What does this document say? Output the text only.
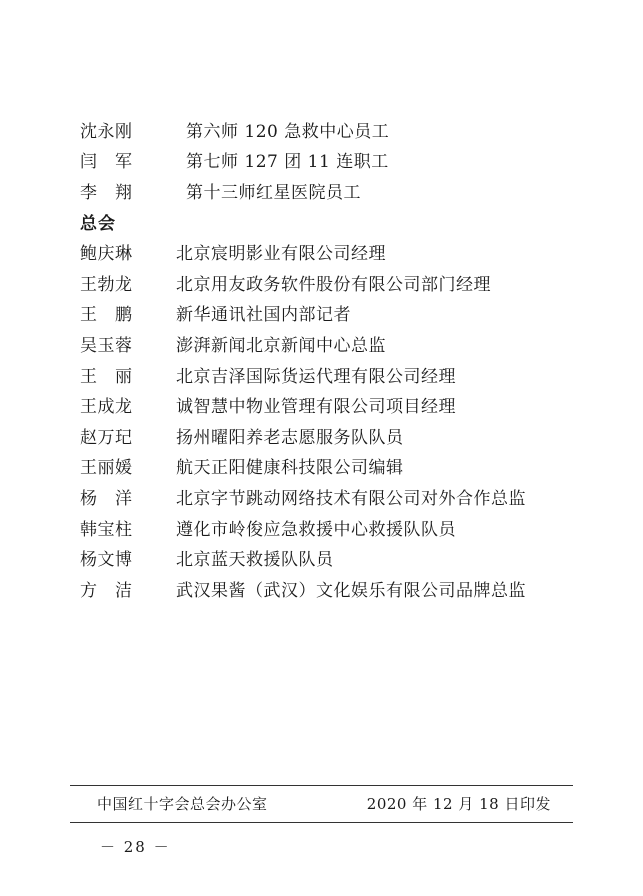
沈永刚	第六师 120 急救中心员工
闫　军	第七师 127 团 11 连职工
李　翔	第十三师红星医院员工
总会
鲍庆琳	北京宸明影业有限公司经理
王勃龙	北京用友政务软件股份有限公司部门经理
王　鹏	新华通讯社国内部记者
吴玉蓉	澎湃新闻北京新闻中心总监
王　丽	北京吉泽国际货运代理有限公司经理
王成龙	诚智慧中物业管理有限公司项目经理
赵万玘	扬州曜阳养老志愿服务队队员
王丽媛	航天正阳健康科技限公司编辑
杨　洋	北京字节跳动网络技术有限公司对外合作总监
韩宝柱	遵化市岭俊应急救援中心救援队队员
杨文博	北京蓝天救援队队员
方　洁	武汉果酱（武汉）文化娱乐有限公司品牌总监
中国红十字会总会办公室	2020 年 12 月 18 日印发
－ 28 －
